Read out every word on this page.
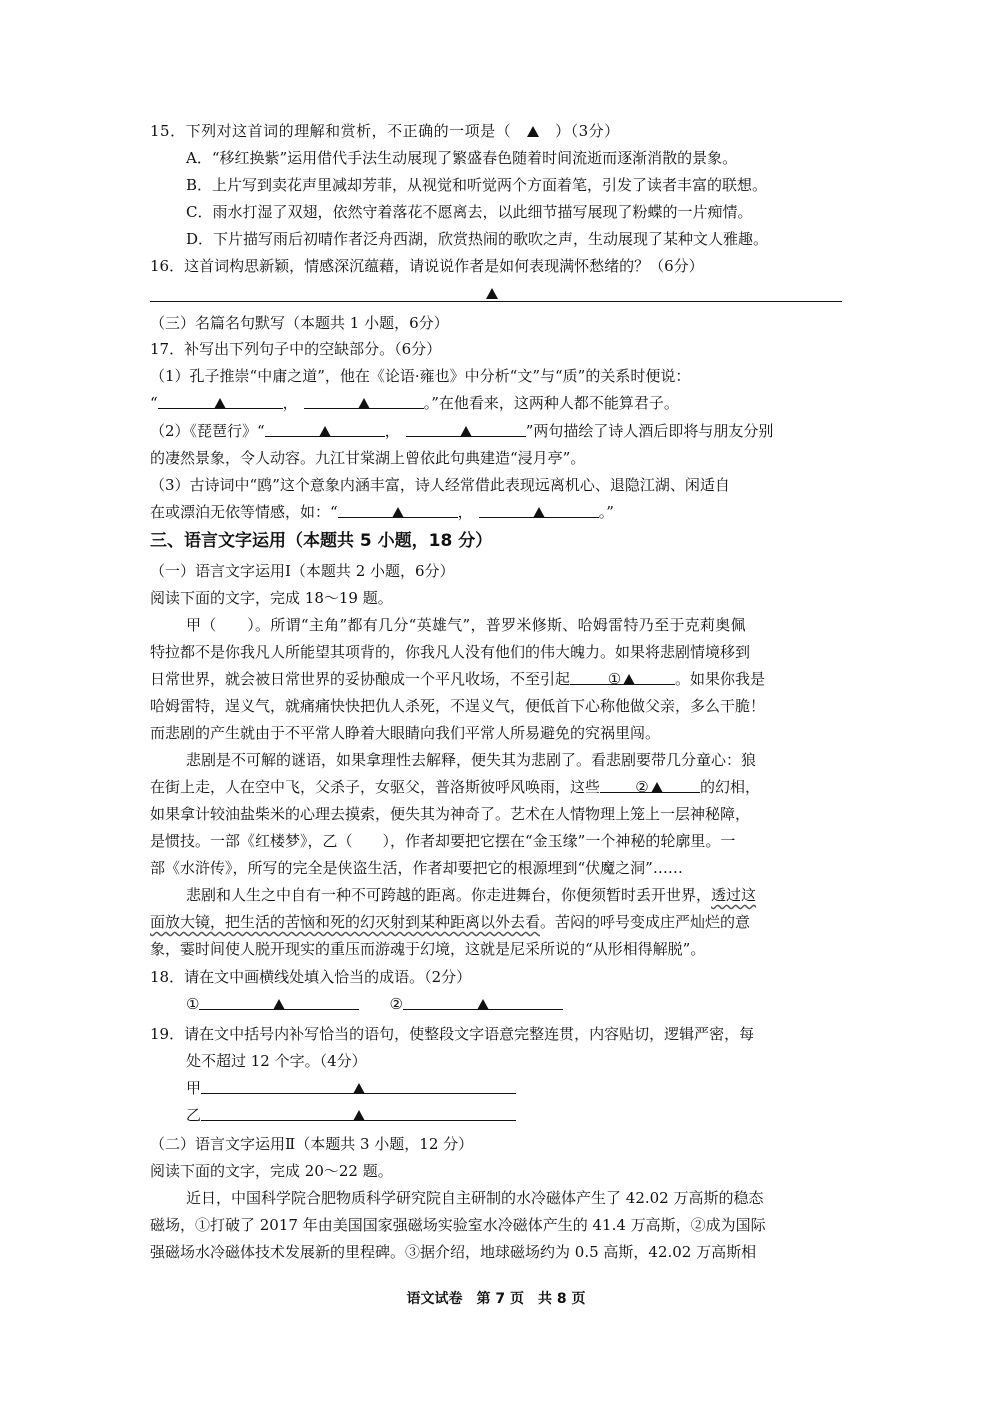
15．下列对这首词的理解和赏析，不正确的一项是（	）（3分）
A．“移红换紫”运用借代手法生动展现了繁盛春色随着时间流逝而逐渐消散的景象。
B．上片写到卖花声里减却芳菲，从视觉和听觉两个方面着笔，引发了读者丰富的联想。
C．雨水打湿了双翅，依然守着落花不愿离去，以此细节描写展现了粉蝶的一片痴情。
D．下片描写雨后初晴作者泛舟西湖，欣赏热闹的歌吹之声，生动展现了某种文人雅趣。
16．这首词构思新颖，情感深沉蕴藉，请说说作者是如何表现满怀愁绪的？（6分）
（三）名篇名句默写（本题共 1 小题，6分）
17．补写出下列句子中的空缺部分。（6分）
（1）孔子推崇“中庸之道”，他在《论语·雍也》中分析“文”与“质”的关系时便说：
“	，	。”在他看来，这两种人都不能算君子。
（2）《琵琶行》“	，	”两句描绘了诗人酒后即将与朋友分别
的凄然景象，令人动容。九江甘棠湖上曾依此句典建造“浸月亭”。
（3）古诗词中“鸥”这个意象内涵丰富，诗人经常借此表现远离机心、退隐江湖、闲适自
在或漂泊无依等情感，如：“	，	。”
三、语言文字运用（本题共 5 小题，18 分）
（一）语言文字运用Ⅰ（本题共 2 小题，6分）
阅读下面的文字，完成 18～19 题。
甲（　　）。所谓“主角”都有几分“英雄气”，普罗米修斯、哈姆雷特乃至于克莉奥佩
特拉都不是你我凡人所能望其项背的，你我凡人没有他们的伟大魄力。如果将悲剧情境移到
日常世界，就会被日常世界的妥协酿成一个平凡收场，不至引起	①	。如果你我是
哈姆雷特，逞义气，就痛痛快快把仇人杀死，不逞义气，便低首下心称他做父亲，多么干脆！
而悲剧的产生就由于不平常人睁着大眼睛向我们平常人所易避免的究祸里闯。
悲剧是不可解的谜语，如果拿理性去解释，便失其为悲剧了。看悲剧要带几分童心：狼
在街上走，人在空中飞，父杀子，女驱父，普洛斯彼呼风唤雨，这些 ②	的幻相，
如果拿计较油盐柴米的心理去摸索，便失其为神奇了。艺术在人情物理上笼上一层神秘障，
是惯技。一部《红楼梦》，乙（　　），作者却要把它摆在“金玉缘”一个神秘的轮廓里。一
部《水浒传》，所写的完全是侠盗生活，作者却要把它的根源埋到“伏魔之洞”……
悲剧和人生之中自有一种不可跨越的距离。你走进舞台，你便须暂时丢开世界，透过这
面放大镜，把生活的苦恼和死的幻灭射到某种距离以外去看。苦闷的呼号变成庄严灿烂的意
象，霎时间使人脱开现实的重压而游魂于幻境，这就是尼采所说的“从形相得解脱”。
18．请在文中画横线处填入恰当的成语。（2分）
①	②
19．请在文中括号内补写恰当的语句，使整段文字语意完整连贯，内容贴切，逻辑严密，每
处不超过 12 个字。（4分）
甲
乙
（二）语言文字运用Ⅱ（本题共 3 小题，12 分）
阅读下面的文字，完成 20～22 题。
近日，中国科学院合肥物质科学研究院自主研制的水冷磁体产生了 42.02 万高斯的稳态
磁场，①打破了 2017 年由美国国家强磁场实验室水冷磁体产生的 41.4 万高斯，②成为国际
强磁场水冷磁体技术发展新的里程碑。③据介绍，地球磁场约为 0.5 高斯，42.02 万高斯相
语文试卷　第 7 页　共 8 页
